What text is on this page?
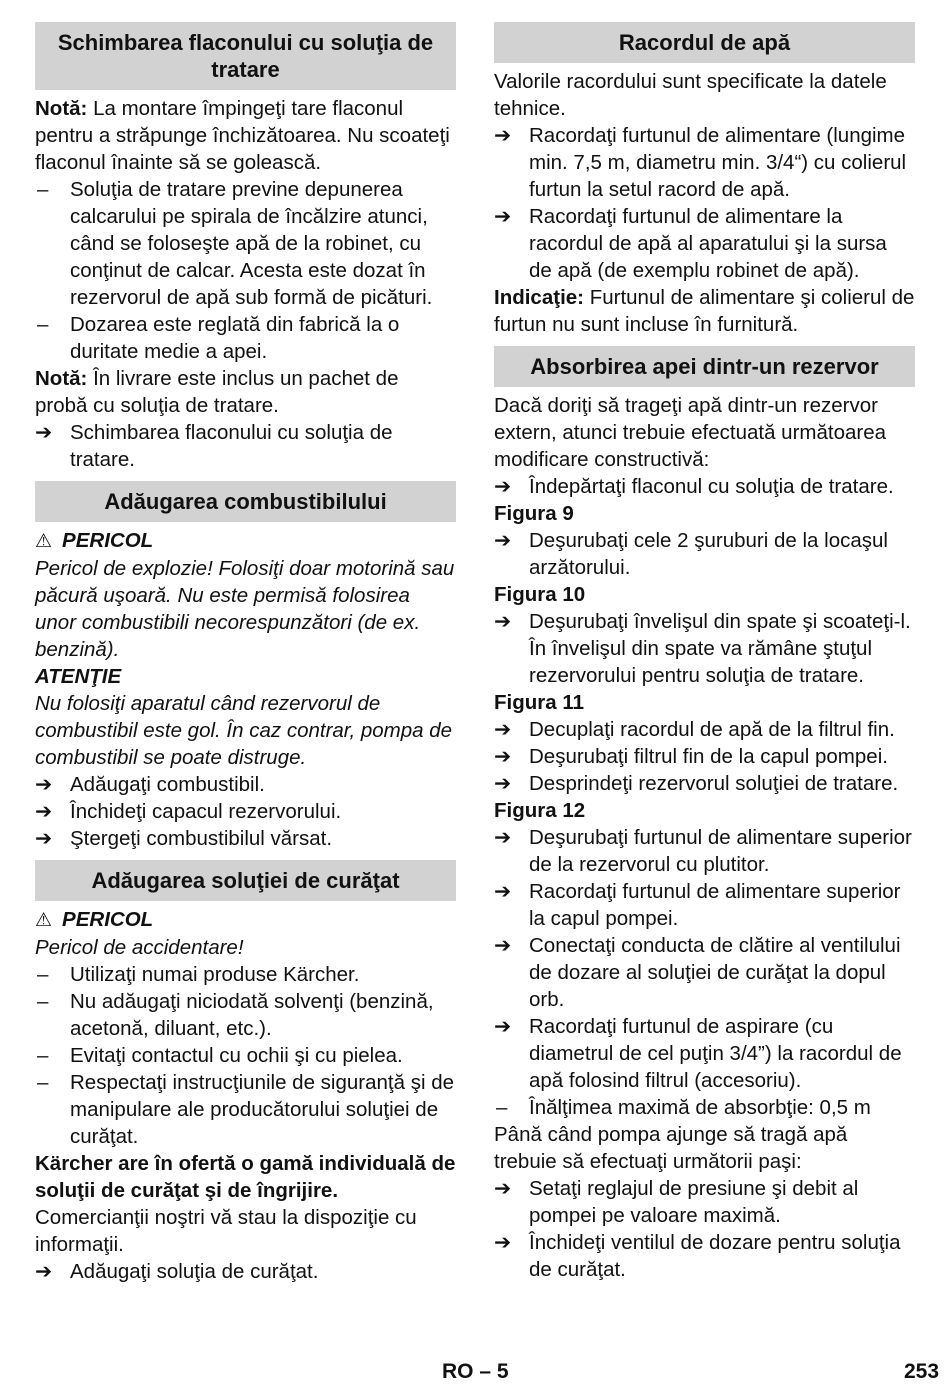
Schimbarea flaconului cu soluţia de tratare

Notă: La montare împingeţi tare flaconul pentru a străpunge închizătoarea. Nu scoateţi flaconul înainte să se golească.

– Soluţia de tratare previne depunerea calcarului pe spirala de încălzire atunci, când se foloseşte apă de la robinet, cu conţinut de calcar. Acesta este dozat în rezervorul de apă sub formă de picături.
– Dozarea este reglată din fabrică la o duritate medie a apei.

Notă: În livrare este inclus un pachet de probă cu soluţia de tratare.

➔ Schimbarea flaconului cu soluţia de tratare.
Adăugarea combustibilului
⚠ PERICOL

Pericol de explozie! Folosiţi doar motorină sau păcură uşoară. Nu este permisă folosirea unor combustibili necorespunzători (de ex. benzină).

ATENŢIE

Nu folosiţi aparatul când rezervorul de combustibil este gol. În caz contrar, pompa de combustibil se poate distruge.

➔ Adăugaţi combustibil.
➔ Închideţi capacul rezervorului.
➔ Ştergeţi combustibilul vărsat.
Adăugarea soluţiei de curăţat
⚠ PERICOL

Pericol de accidentare!

– Utilizaţi numai produse Kärcher.
– Nu adăugaţi niciodată solvenţi (benzină, acetonă, diluant, etc.).
– Evitaţi contactul cu ochii şi cu pielea.
– Respectaţi instrucţiunile de siguranţă şi de manipulare ale producătorului soluţiei de curăţat.

Kärcher are în ofertă o gamă individuală de soluţii de curăţat şi de îngrijire.

Comercianţii noştri vă stau la dispoziţie cu informaţii.

➔ Adăugaţi soluţia de curăţat.
Racordul de apă

Valorile racordului sunt specificate la datele tehnice.

➔ Racordaţi furtunul de alimentare (lungime min. 7,5 m, diametru min. 3/4“) cu colierul furtun la setul racord de apă.
➔ Racordaţi furtunul de alimentare la racordul de apă al aparatului şi la sursa de apă (de exemplu robinet de apă).

Indicaţie: Furtunul de alimentare şi colierul de furtun nu sunt incluse în furnitură.

Absorbirea apei dintr-un rezervor

Dacă doriţi să trageţi apă dintr-un rezervor extern, atunci trebuie efectuată următoarea modificare constructivă:

➔ Îndepărtaţi flaconul cu soluţia de tratare.
Figura 9
➔ Deşurubaţi cele 2 şuruburi de la locaşul arzătorului.
Figura 10
➔ Deşurubaţi învelişul din spate şi scoateţi-l. În învelişul din spate va rămâne ştuţul rezervorului pentru soluţia de tratare.
Figura 11
➔ Decuplaţi racordul de apă de la filtrul fin.
➔ Deşurubaţi filtrul fin de la capul pompei.
➔ Desprindeţi rezervorul soluţiei de tratare.
Figura 12
➔ Deşurubaţi furtunul de alimentare superior de la rezervorul cu plutitor.
➔ Racordaţi furtunul de alimentare superior la capul pompei.
➔ Conectaţi conducta de clătire al ventilului de dozare al soluţiei de curăţat la dopul orb.
➔ Racordaţi furtunul de aspirare (cu diametrul de cel puţin 3/4”) la racordul de apă folosind filtrul (accesoriu).
– Înălţimea maximă de absorbţie: 0,5 m

Până când pompa ajunge să tragă apă trebuie să efectuaţi următorii paşi:

➔ Setaţi reglajul de presiune şi debit al pompei pe valoare maximă.
➔ Închideţi ventilul de dozare pentru soluţia de curăţat.
RO – 5	253
